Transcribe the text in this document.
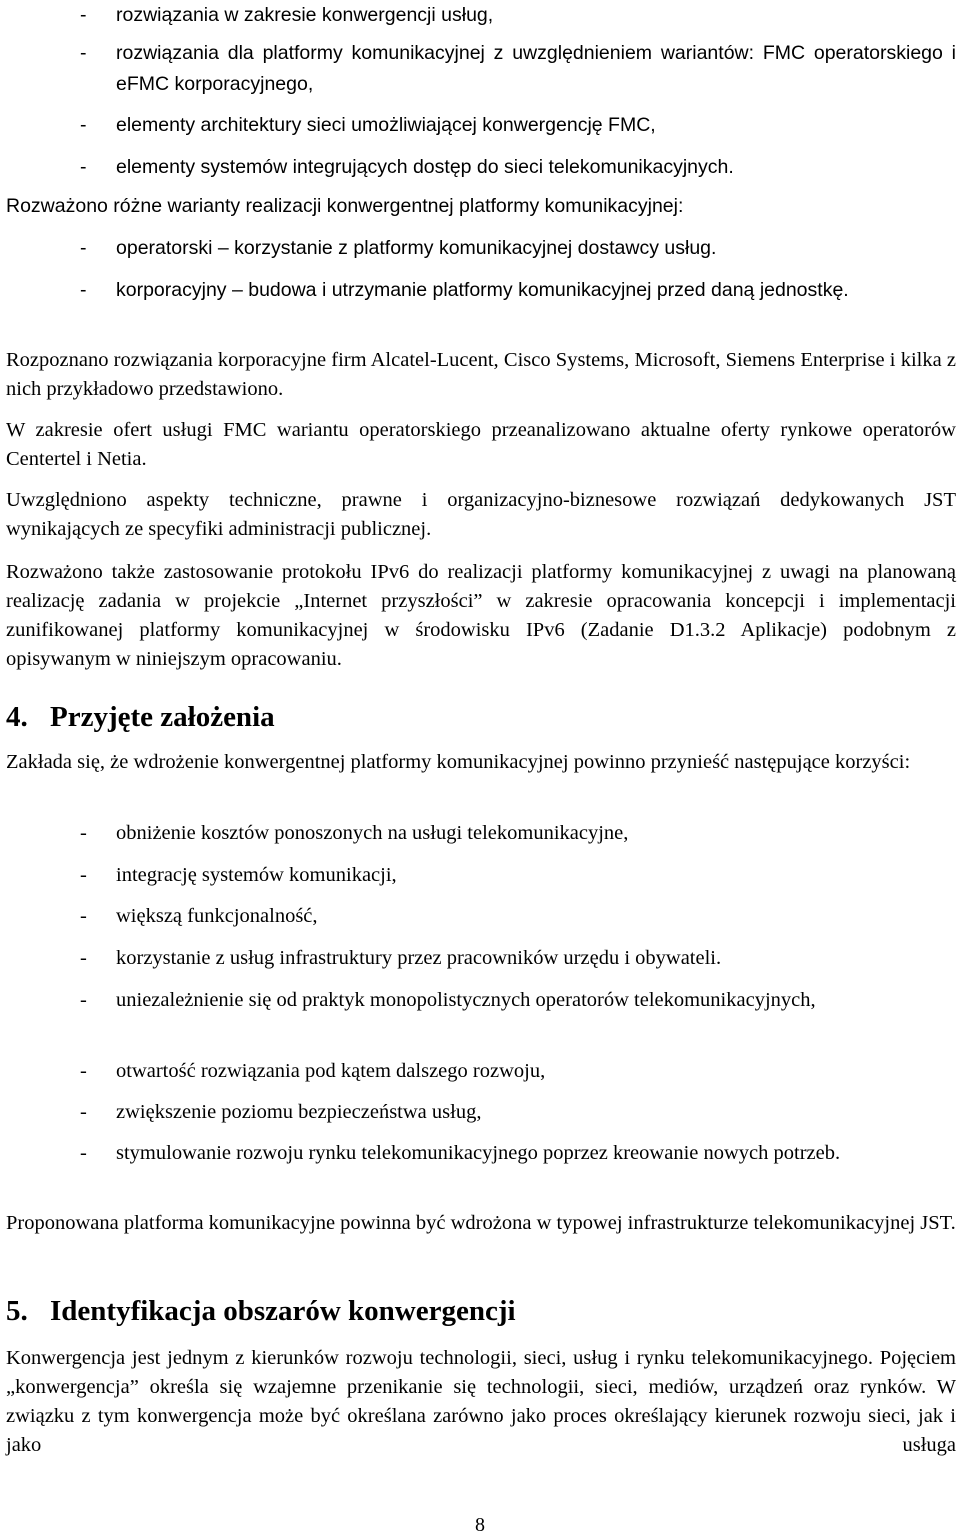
- rozwiązania w zakresie konwergencji usług,

- rozwiązania dla platformy komunikacyjnej z uwzględnieniem wariantów: FMC operatorskiego i eFMC korporacyjnego,

- elementy architektury sieci umożliwiającej konwergencję FMC,

- elementy systemów integrujących dostęp do sieci telekomunikacyjnych.

Rozważono różne warianty realizacji konwergentnej platformy komunikacyjnej:

- operatorski – korzystanie z platformy komunikacyjnej dostawcy usług.

- korporacyjny – budowa i utrzymanie platformy komunikacyjnej przed daną jednostkę.

Rozpoznano rozwiązania korporacyjne firm Alcatel-Lucent, Cisco Systems, Microsoft, Siemens Enterprise i kilka z nich przykładowo przedstawiono.

W zakresie ofert usługi FMC wariantu operatorskiego przeanalizowano aktualne oferty rynkowe operatorów Centertel i Netia.

Uwzględniono aspekty techniczne, prawne i organizacyjno-biznesowe rozwiązań dedykowanych JST wynikających ze specyfiki administracji publicznej.

Rozważono także zastosowanie protokołu IPv6 do realizacji platformy komunikacyjnej z uwagi na planowaną realizację zadania w projekcie „Internet przyszłości” w zakresie opracowania koncepcji i implementacji zunifikowanej platformy komunikacyjnej w środowisku IPv6 (Zadanie D1.3.2 Aplikacje) podobnym z opisywanym w niniejszym opracowaniu.

4. Przyjęte założenia

Zakłada się, że wdrożenie konwergentnej platformy komunikacyjnej powinno przynieść następujące korzyści:

- obniżenie kosztów ponoszonych na usługi telekomunikacyjne,

- integrację systemów komunikacji,

- większą funkcjonalność,

- korzystanie z usług infrastruktury przez pracowników urzędu i obywateli.

- uniezależnienie się od praktyk monopolistycznych operatorów telekomunikacyjnych,

- otwartość rozwiązania pod kątem dalszego rozwoju,

- zwiększenie poziomu bezpieczeństwa usług,

- stymulowanie rozwoju rynku telekomunikacyjnego poprzez kreowanie nowych potrzeb.

Proponowana platforma komunikacyjne powinna być wdrożona w typowej infrastrukturze telekomunikacyjnej JST.

5. Identyfikacja obszarów konwergencji

Konwergencja jest jednym z kierunków rozwoju technologii, sieci, usług i rynku telekomunikacyjnego. Pojęciem „konwergencja” określa się wzajemne przenikanie się technologii, sieci, mediów, urządzeń oraz rynków. W związku z tym konwergencja może być określana zarówno jako proces określający kierunek rozwoju sieci, jak i jako usługa

8
